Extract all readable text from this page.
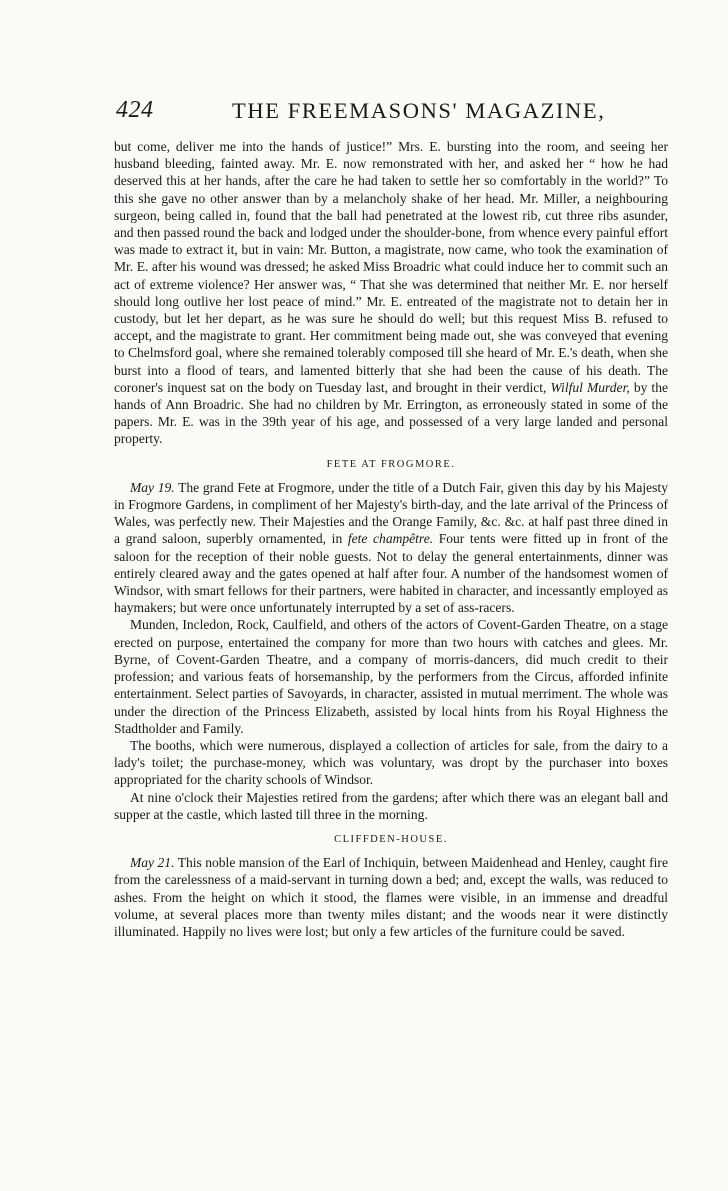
424	THE FREEMASONS' MAGAZINE,

but come, deliver me into the hands of justice!” Mrs. E. bursting into the room, and seeing her husband bleeding, fainted away. Mr. E. now remonstrated with her, and asked her “ how he had deserved this at her hands, after the care he had taken to settle her so comfortably in the world?” To this she gave no other answer than by a melancholy shake of her head. Mr. Miller, a neighbouring surgeon, being called in, found that the ball had penetrated at the lowest rib, cut three ribs asunder, and then passed round the back and lodged under the shoulder-bone, from whence every painful effort was made to extract it, but in vain: Mr. Button, a magistrate, now came, who took the examination of Mr. E. after his wound was dressed; he asked Miss Broadric what could induce her to commit such an act of extreme violence? Her answer was, “ That she was determined that neither Mr. E. nor herself should long outlive her lost peace of mind.” Mr. E. entreated of the magistrate not to detain her in custody, but let her depart, as he was sure he should do well; but this request Miss B. refused to accept, and the magistrate to grant. Her commitment being made out, she was conveyed that evening to Chelmsford goal, where she remained tolerably composed till she heard of Mr. E.'s death, when she burst into a flood of tears, and lamented bitterly that she had been the cause of his death. The coroner's inquest sat on the body on Tuesday last, and brought in their verdict, Wilful Murder, by the hands of Ann Broadric. She had no children by Mr. Errington, as erroneously stated in some of the papers. Mr. E. was in the 39th year of his age, and possessed of a very large landed and personal property.

FETE AT FROGMORE.

May 19. The grand Fete at Frogmore, under the title of a Dutch Fair, given this day by his Majesty in Frogmore Gardens, in compliment of her Majesty's birth-day, and the late arrival of the Princess of Wales, was perfectly new. Their Majesties and the Orange Family, &c. &c. at half past three dined in a grand saloon, superbly ornamented, in fete champêtre. Four tents were fitted up in front of the saloon for the reception of their noble guests. Not to delay the general entertainments, dinner was entirely cleared away and the gates opened at half after four. A number of the handsomest women of Windsor, with smart fellows for their partners, were habited in character, and incessantly employed as haymakers; but were once unfortunately interrupted by a set of ass-racers.

Munden, Incledon, Rock, Caulfield, and others of the actors of Covent-Garden Theatre, on a stage erected on purpose, entertained the company for more than two hours with catches and glees. Mr. Byrne, of Covent-Garden Theatre, and a company of morris-dancers, did much credit to their profession; and various feats of horsemanship, by the performers from the Circus, afforded infinite entertainment. Select parties of Savoyards, in character, assisted in mutual merriment. The whole was under the direction of the Princess Elizabeth, assisted by local hints from his Royal Highness the Stadtholder and Family.

The booths, which were numerous, displayed a collection of articles for sale, from the dairy to a lady's toilet; the purchase-money, which was voluntary, was dropt by the purchaser into boxes appropriated for the charity schools of Windsor.

At nine o'clock their Majesties retired from the gardens; after which there was an elegant ball and supper at the castle, which lasted till three in the morning.

CLIFFDEN-HOUSE.

May 21. This noble mansion of the Earl of Inchiquin, between Maidenhead and Henley, caught fire from the carelessness of a maid-servant in turning down a bed; and, except the walls, was reduced to ashes. From the height on which it stood, the flames were visible, in an immense and dreadful volume, at several places more than twenty miles distant; and the woods near it were distinctly illuminated. Happily no lives were lost; but only a few articles of the furniture could be saved.
